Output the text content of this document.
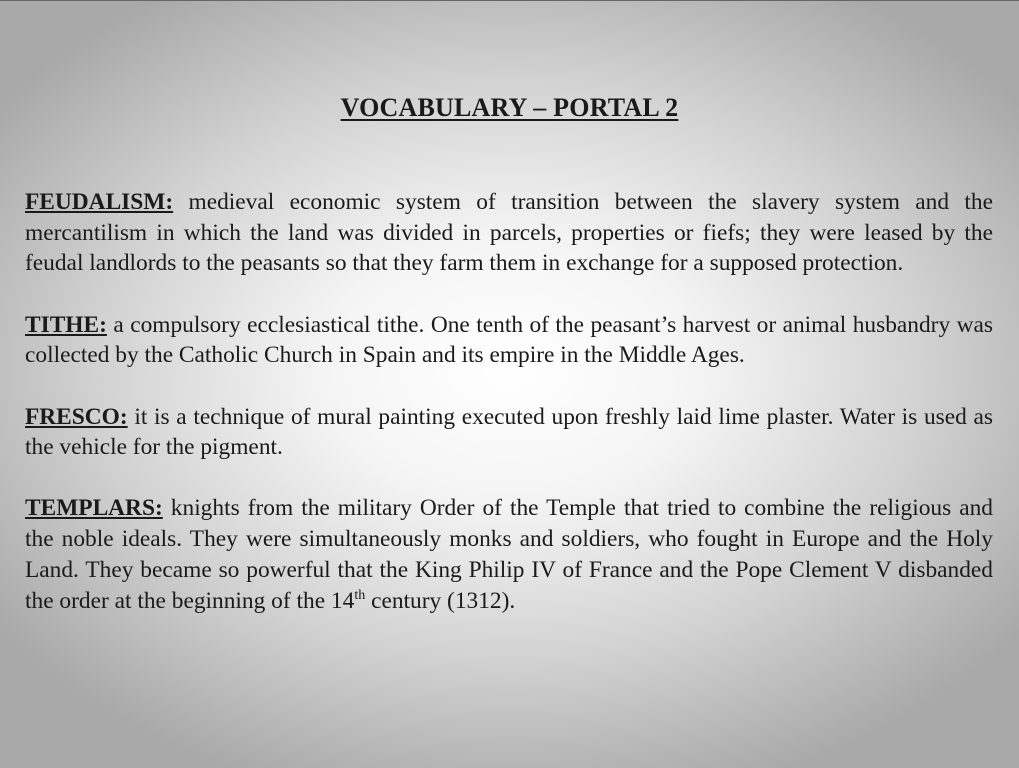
VOCABULARY – PORTAL 2

FEUDALISM: medieval economic system of transition between the slavery system and the mercantilism in which the land was divided in parcels, properties or fiefs; they were leased by the feudal landlords to the peasants so that they farm them in exchange for a supposed protection.

TITHE: a compulsory ecclesiastical tithe. One tenth of the peasant’s harvest or animal husbandry was collected by the Catholic Church in Spain and its empire in the Middle Ages.

FRESCO: it is a technique of mural painting executed upon freshly laid lime plaster. Water is used as the vehicle for the pigment.

TEMPLARS: knights from the military Order of the Temple that tried to combine the religious and the noble ideals. They were simultaneously monks and soldiers, who fought in Europe and the Holy Land. They became so powerful that the King Philip IV of France and the Pope Clement V disbanded the order at the beginning of the 14th century (1312).
